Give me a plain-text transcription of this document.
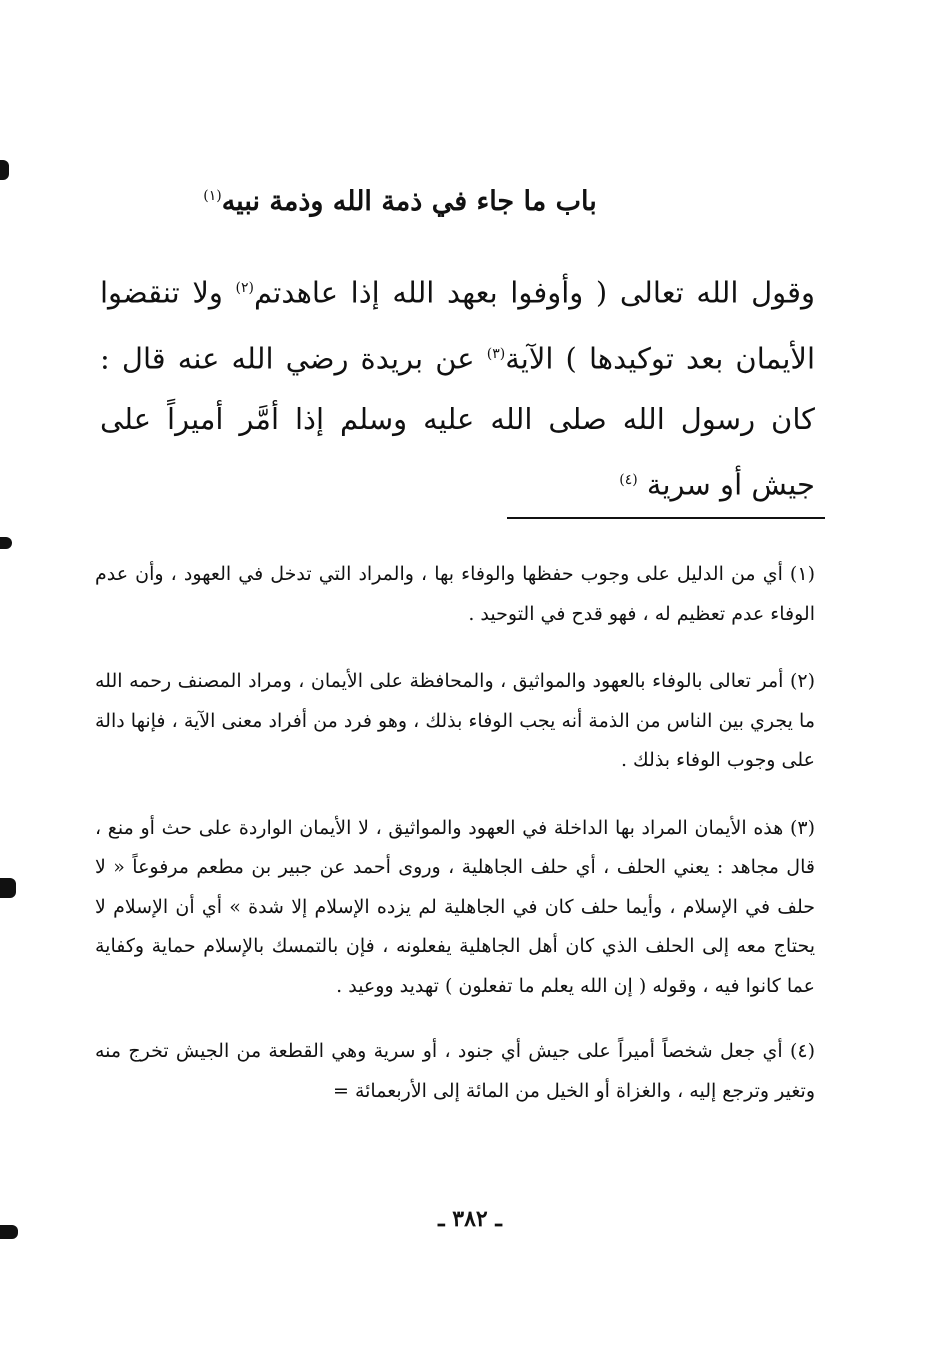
باب ما جاء في ذمة الله وذمة نبيه$^{(١)}$
وقول الله تعالى ( وأوفوا بعهد الله إذا عاهدتم$^{(٢)}$ ولا تنقضوا الأيمان بعد توكيدها ) الآية$^{(٣)}$ عن بريدة رضي الله عنه قال : كان رسول الله صلى الله عليه وسلم إذا أمَّر أميراً على جيش أو سرية $^{(٤)}$

(١) أي من الدليل على وجوب حفظها والوفاء بها ، والمراد التي تدخل في العهود ، وأن عدم الوفاء عدم تعظيم له ، فهو قدح في التوحيد .

(٢) أمر تعالى بالوفاء بالعهود والمواثيق ، والمحافظة على الأيمان ، ومراد المصنف رحمه الله ما يجري بين الناس من الذمة أنه يجب الوفاء بذلك ، وهو فرد من أفراد معنى الآية ، فإنها دالة على وجوب الوفاء بذلك .

(٣) هذه الأيمان المراد بها الداخلة في العهود والمواثيق ، لا الأيمان الواردة على حث أو منع ، قال مجاهد : يعني الحلف ، أي حلف الجاهلية ، وروى أحمد عن جبير بن مطعم مرفوعاً « لا حلف في الإسلام ، وأيما حلف كان في الجاهلية لم يزده الإسلام إلا شدة » أي أن الإسلام لا يحتاج معه إلى الحلف الذي كان أهل الجاهلية يفعلونه ، فإن بالتمسك بالإسلام حماية وكفاية عما كانوا فيه ، وقوله ( إن الله يعلم ما تفعلون ) تهديد ووعيد .

(٤) أي جعل شخصاً أميراً على جيش أي جنود ، أو سرية وهي القطعة من الجيش تخرج منه وتغير وترجع إليه ، والغزاة أو الخيل من المائة إلى الأربعمائة =

ـ ٣٨٢ ـ
